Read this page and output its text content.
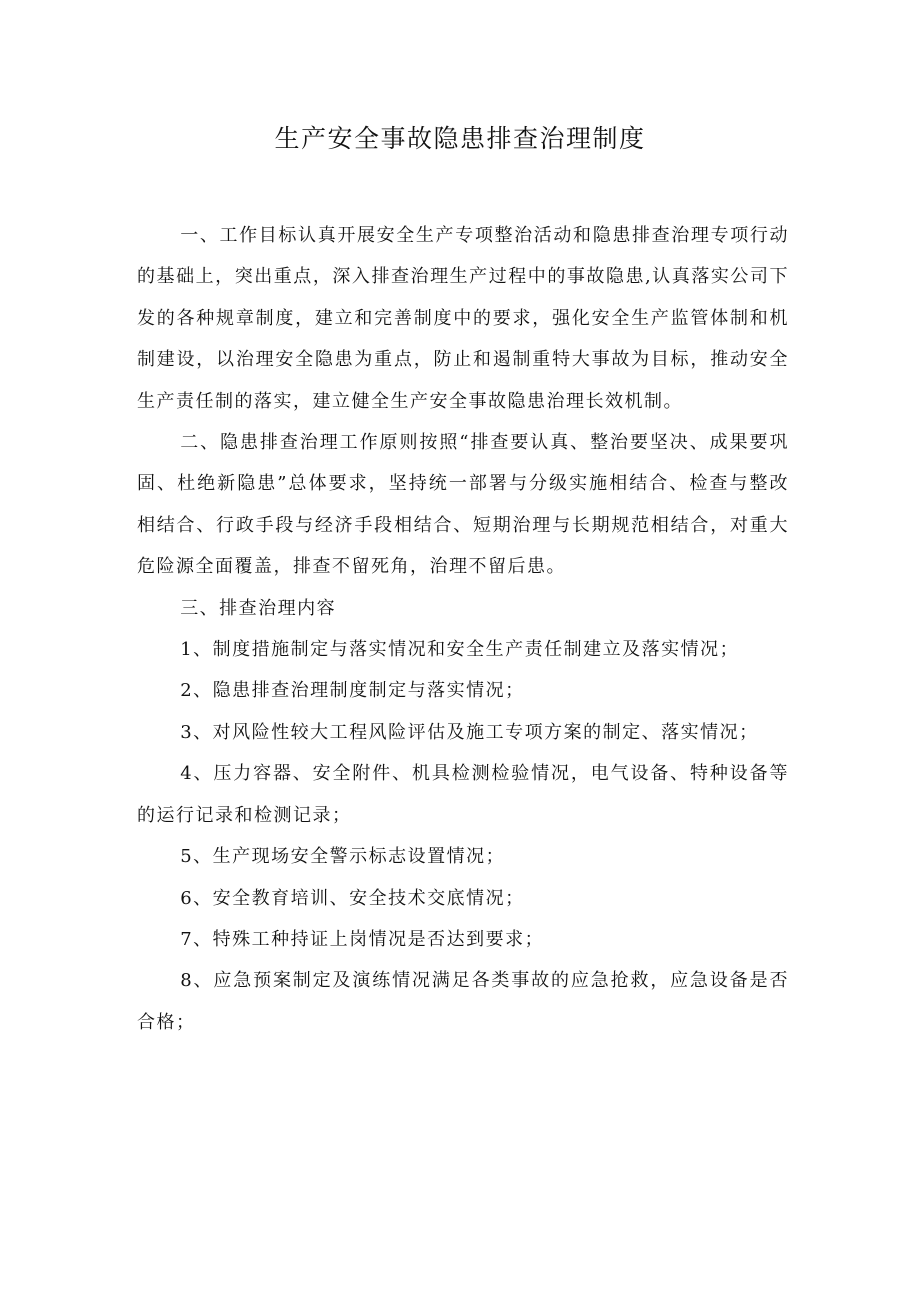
生产安全事故隐患排查治理制度

一、工作目标认真开展安全生产专项整治活动和隐患排查治理专项行动的基础上，突出重点，深入排查治理生产过程中的事故隐患,认真落实公司下发的各种规章制度，建立和完善制度中的要求，强化安全生产监管体制和机制建设，以治理安全隐患为重点，防止和遏制重特大事故为目标，推动安全生产责任制的落实，建立健全生产安全事故隐患治理长效机制。

二、隐患排查治理工作原则按照“排查要认真、整治要坚决、成果要巩固、杜绝新隐患”总体要求，坚持统一部署与分级实施相结合、检查与整改相结合、行政手段与经济手段相结合、短期治理与长期规范相结合，对重大危险源全面覆盖，排查不留死角，治理不留后患。

三、排查治理内容

1、制度措施制定与落实情况和安全生产责任制建立及落实情况；

2、隐患排查治理制度制定与落实情况；

3、对风险性较大工程风险评估及施工专项方案的制定、落实情况；

4、压力容器、安全附件、机具检测检验情况，电气设备、特种设备等的运行记录和检测记录；

5、生产现场安全警示标志设置情况；

6、安全教育培训、安全技术交底情况；

7、特殊工种持证上岗情况是否达到要求；

8、应急预案制定及演练情况满足各类事故的应急抢救，应急设备是否合格；
